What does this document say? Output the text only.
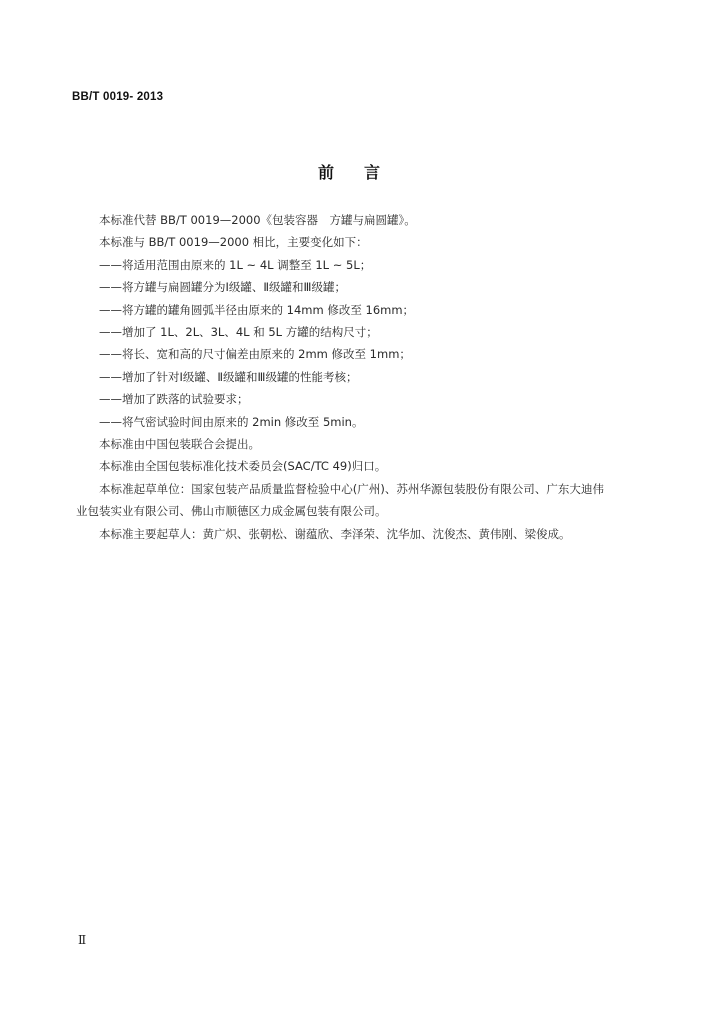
BB/T 0019- 2013
前 言

本标准代替 BB/T 0019—2000《包装容器　方罐与扁圆罐》。

本标准与 BB/T 0019—2000 相比，主要变化如下：

——将适用范围由原来的 1L ~ 4L 调整至 1L ~ 5L；

——将方罐与扁圆罐分为Ⅰ级罐、Ⅱ级罐和Ⅲ级罐；

——将方罐的罐角圆弧半径由原来的 14mm 修改至 16mm；

——增加了 1L、2L、3L、4L 和 5L 方罐的结构尺寸；

——将长、宽和高的尺寸偏差由原来的 2mm 修改至 1mm；

——增加了针对Ⅰ级罐、Ⅱ级罐和Ⅲ级罐的性能考核；

——增加了跌落的试验要求；

——将气密试验时间由原来的 2min 修改至 5min。

本标准由中国包装联合会提出。

本标准由全国包装标准化技术委员会(SAC/TC 49)归口。

本标准起草单位：国家包装产品质量监督检验中心(广州)、苏州华源包装股份有限公司、广东大迪伟业包装实业有限公司、佛山市顺德区力成金属包装有限公司。

本标准主要起草人：黄广炽、张朝松、谢蕴欣、李泽荣、沈华加、沈俊杰、黄伟刚、梁俊成。

Ⅱ
